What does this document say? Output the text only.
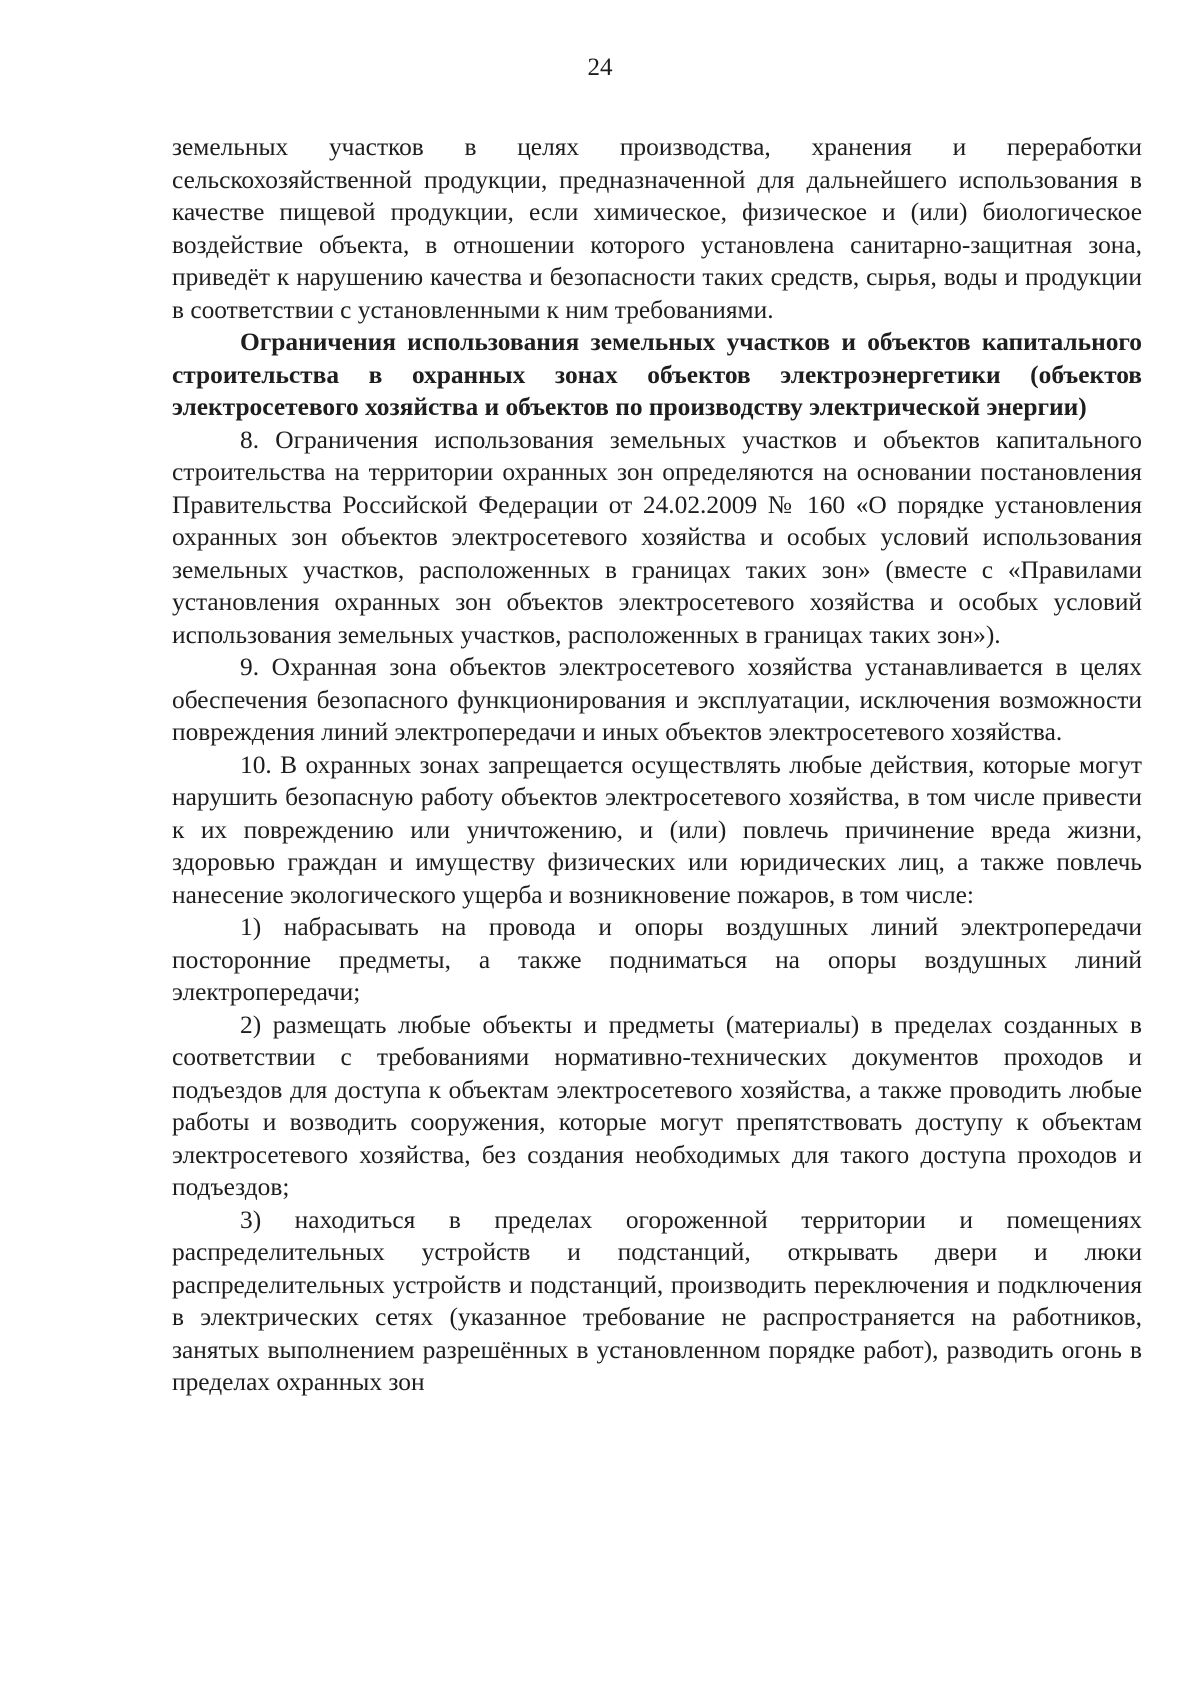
24

земельных участков в целях производства, хранения и переработки сельскохозяйственной продукции, предназначенной для дальнейшего использования в качестве пищевой продукции, если химическое, физическое и (или) биологическое воздействие объекта, в отношении которого установлена санитарно-защитная зона, приведёт к нарушению качества и безопасности таких средств, сырья, воды и продукции в соответствии с установленными к ним требованиями.

Ограничения использования земельных участков и объектов капитального строительства в охранных зонах объектов электроэнергетики (объектов электросетевого хозяйства и объектов по производству электрической энергии)

8. Ограничения использования земельных участков и объектов капитального строительства на территории охранных зон определяются на основании постановления Правительства Российской Федерации от 24.02.2009 № 160 «О порядке установления охранных зон объектов электросетевого хозяйства и особых условий использования земельных участков, расположенных в границах таких зон» (вместе с «Правилами установления охранных зон объектов электросетевого хозяйства и особых условий использования земельных участков, расположенных в границах таких зон»).

9. Охранная зона объектов электросетевого хозяйства устанавливается в целях обеспечения безопасного функционирования и эксплуатации, исключения возможности повреждения линий электропередачи и иных объектов электросетевого хозяйства.

10. В охранных зонах запрещается осуществлять любые действия, которые могут нарушить безопасную работу объектов электросетевого хозяйства, в том числе привести к их повреждению или уничтожению, и (или) повлечь причинение вреда жизни, здоровью граждан и имуществу физических или юридических лиц, а также повлечь нанесение экологического ущерба и возникновение пожаров, в том числе:

1) набрасывать на провода и опоры воздушных линий электропередачи посторонние предметы, а также подниматься на опоры воздушных линий электропередачи;

2) размещать любые объекты и предметы (материалы) в пределах созданных в соответствии с требованиями нормативно-технических документов проходов и подъездов для доступа к объектам электросетевого хозяйства, а также проводить любые работы и возводить сооружения, которые могут препятствовать доступу к объектам электросетевого хозяйства, без создания необходимых для такого доступа проходов и подъездов;

3) находиться в пределах огороженной территории и помещениях распределительных устройств и подстанций, открывать двери и люки распределительных устройств и подстанций, производить переключения и подключения в электрических сетях (указанное требование не распространяется на работников, занятых выполнением разрешённых в установленном порядке работ), разводить огонь в пределах охранных зон
